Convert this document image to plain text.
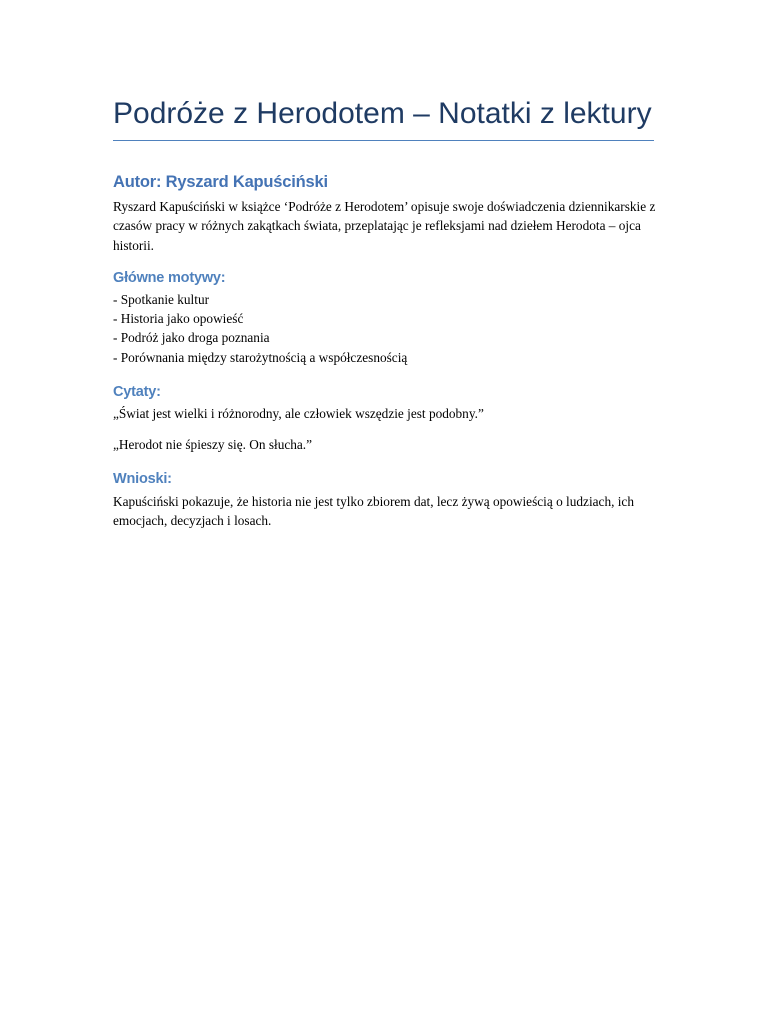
Podróże z Herodotem – Notatki z lektury
Autor: Ryszard Kapuściński

Ryszard Kapuściński w książce ‘Podróże z Herodotem’ opisuje swoje doświadczenia dziennikarskie z czasów pracy w różnych zakątkach świata, przeplatając je refleksjami nad dziełem Herodota – ojca historii.

Główne motywy:
- Spotkanie kultur
- Historia jako opowieść
- Podróż jako droga poznania
- Porównania między starożytnością a współczesnością
Cytaty:

„Świat jest wielki i różnorodny, ale człowiek wszędzie jest podobny.”

„Herodot nie śpieszy się. On słucha.”

Wnioski:

Kapuściński pokazuje, że historia nie jest tylko zbiorem dat, lecz żywą opowieścią o ludziach, ich emocjach, decyzjach i losach.
